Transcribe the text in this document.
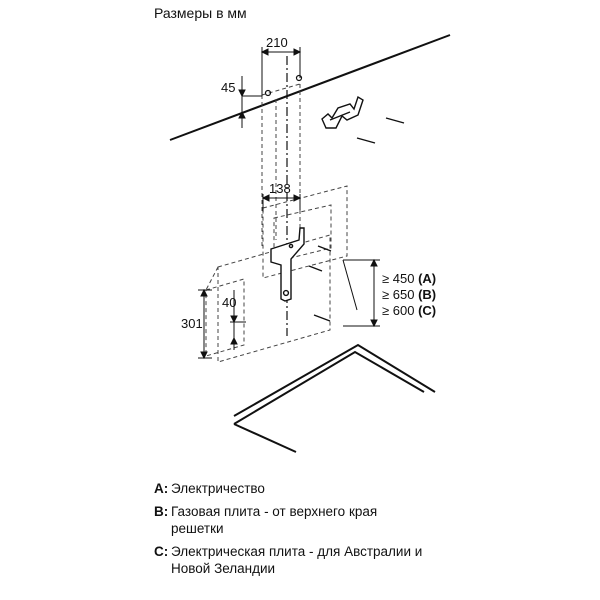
Размеры в мм
210
45
138
40
301
≥ 450 (A)
≥ 650 (B)
≥ 600 (C)
A: Электричество
B: Газовая плита - от верхнего края решетки
C: Электрическая плита - для Австралии и Новой Зеландии
